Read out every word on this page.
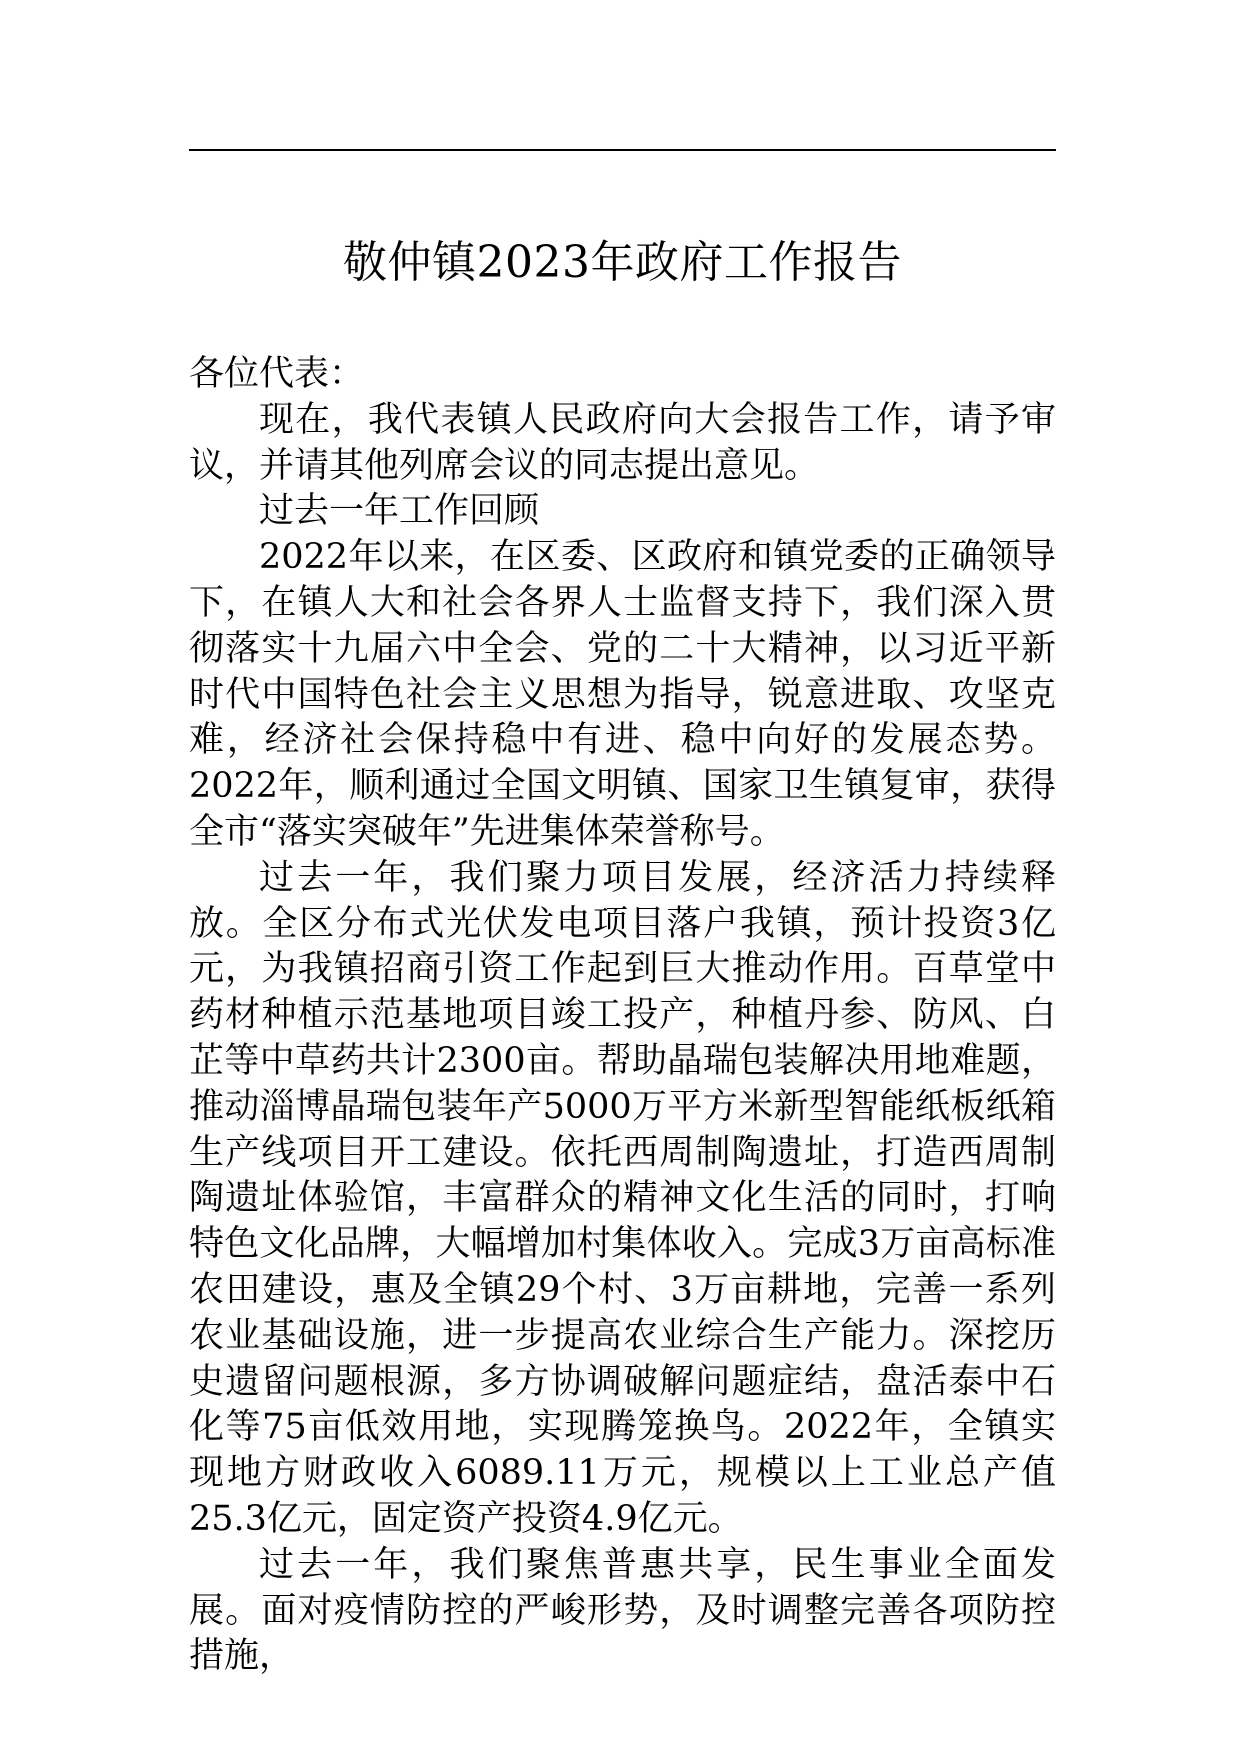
敬仲镇2023年政府工作报告

各位代表：

现在，我代表镇人民政府向大会报告工作，请予审议，并请其他列席会议的同志提出意见。

过去一年工作回顾

2022年以来，在区委、区政府和镇党委的正确领导下，在镇人大和社会各界人士监督支持下，我们深入贯彻落实十九届六中全会、党的二十大精神，以习近平新时代中国特色社会主义思想为指导，锐意进取、攻坚克难，经济社会保持稳中有进、稳中向好的发展态势。2022年，顺利通过全国文明镇、国家卫生镇复审，获得全市“落实突破年”先进集体荣誉称号。

过去一年，我们聚力项目发展，经济活力持续释放。全区分布式光伏发电项目落户我镇，预计投资3亿元，为我镇招商引资工作起到巨大推动作用。百草堂中药材种植示范基地项目竣工投产，种植丹参、防风、白芷等中草药共计2300亩。帮助晶瑞包装解决用地难题，推动淄博晶瑞包装年产5000万平方米新型智能纸板纸箱生产线项目开工建设。依托西周制陶遗址，打造西周制陶遗址体验馆，丰富群众的精神文化生活的同时，打响特色文化品牌，大幅增加村集体收入。完成3万亩高标准农田建设，惠及全镇29个村、3万亩耕地，完善一系列农业基础设施，进一步提高农业综合生产能力。深挖历史遗留问题根源，多方协调破解问题症结，盘活泰中石化等75亩低效用地，实现腾笼换鸟。2022年，全镇实现地方财政收入6089.11万元，规模以上工业总产值25.3亿元，固定资产投资4.9亿元。

过去一年，我们聚焦普惠共享，民生事业全面发展。面对疫情防控的严峻形势，及时调整完善各项防控措施，
